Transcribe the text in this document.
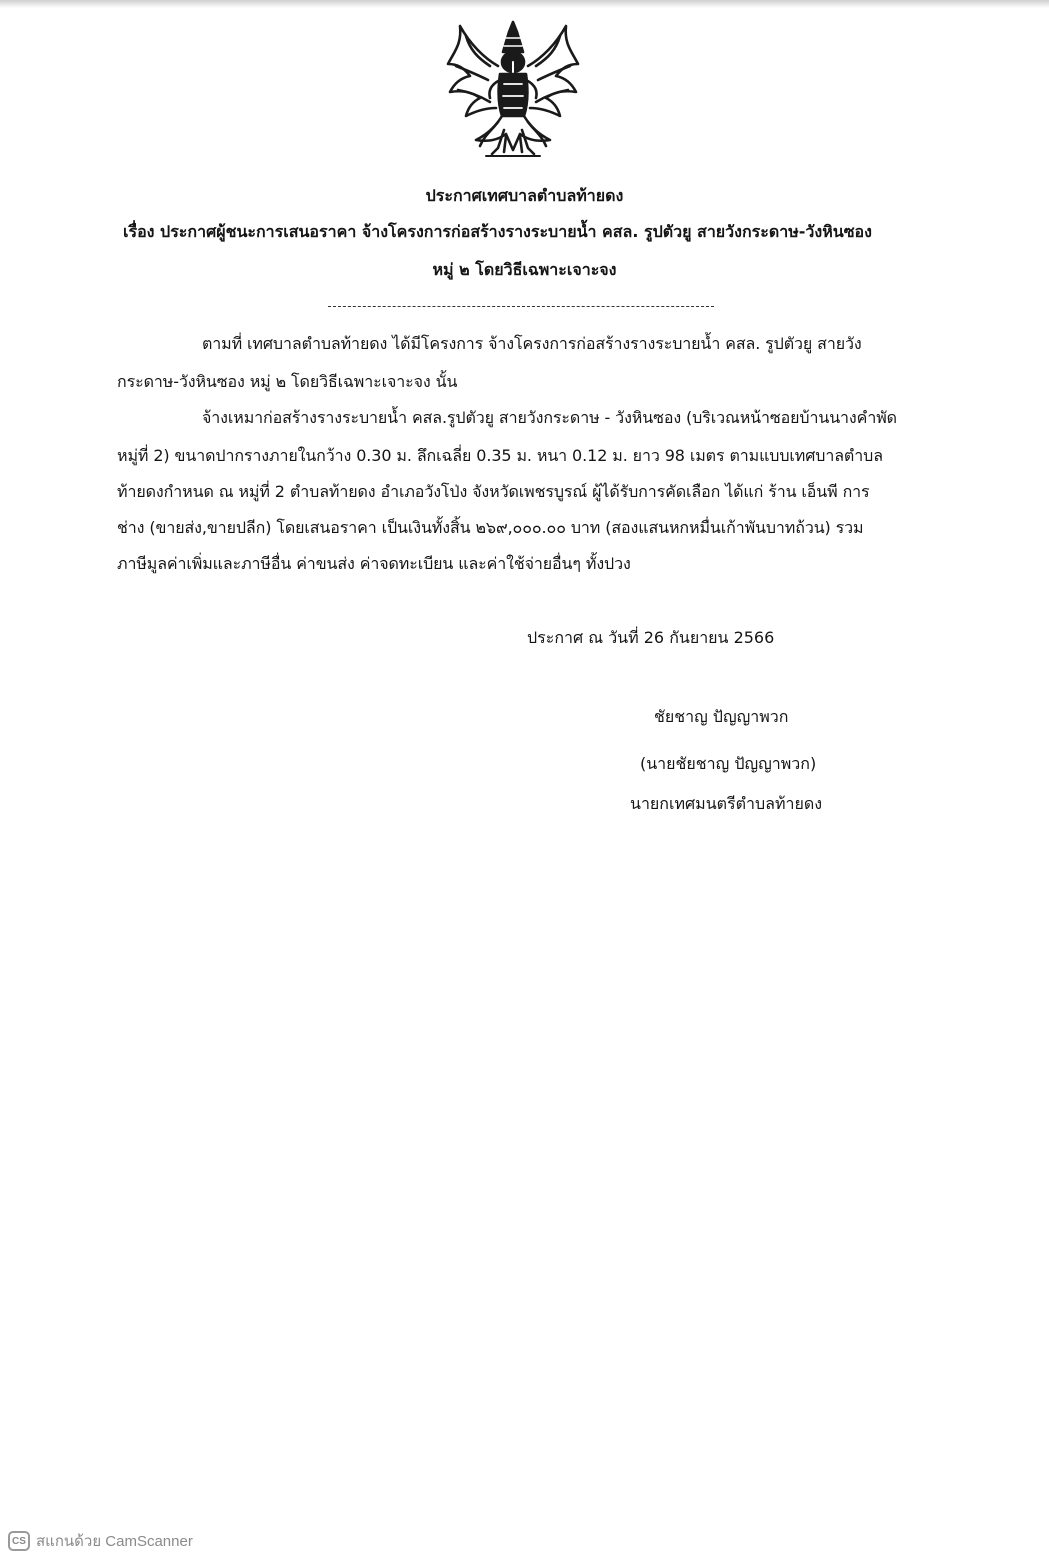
ประกาศเทศบาลตำบลท้ายดง
เรื่อง ประกาศผู้ชนะการเสนอราคา จ้างโครงการก่อสร้างรางระบายน้ำ คสล. รูปตัวยู สายวังกระดาษ-วังหินซอง
หมู่ ๒ โดยวิธีเฉพาะเจาะจง
ตามที่ เทศบาลตำบลท้ายดง ได้มีโครงการ จ้างโครงการก่อสร้างรางระบายน้ำ คสล. รูปตัวยู สายวัง
กระดาษ-วังหินซอง หมู่ ๒ โดยวิธีเฉพาะเจาะจง นั้น
จ้างเหมาก่อสร้างรางระบายน้ำ คสล.รูปตัวยู สายวังกระดาษ - วังหินซอง (บริเวณหน้าซอยบ้านนางคำพัด
หมู่ที่ 2) ขนาดปากรางภายในกว้าง 0.30 ม. ลึกเฉลี่ย 0.35 ม. หนา 0.12 ม. ยาว 98 เมตร ตามแบบเทศบาลตำบล
ท้ายดงกำหนด ณ หมู่ที่ 2 ตำบลท้ายดง อำเภอวังโป่ง จังหวัดเพชรบูรณ์ ผู้ได้รับการคัดเลือก ได้แก่ ร้าน เอ็นพี การ
ช่าง (ขายส่ง,ขายปลีก) โดยเสนอราคา เป็นเงินทั้งสิ้น ๒๖๙,๐๐๐.๐๐ บาท (สองแสนหกหมื่นเก้าพันบาทถ้วน) รวม
ภาษีมูลค่าเพิ่มและภาษีอื่น ค่าขนส่ง ค่าจดทะเบียน และค่าใช้จ่ายอื่นๆ ทั้งปวง
ประกาศ ณ วันที่ 26 กันยายน 2566
ชัยชาญ ปัญญาพวก
(นายชัยชาญ ปัญญาพวก)
นายกเทศมนตรีตำบลท้ายดง
CS สแกนด้วย CamScanner
